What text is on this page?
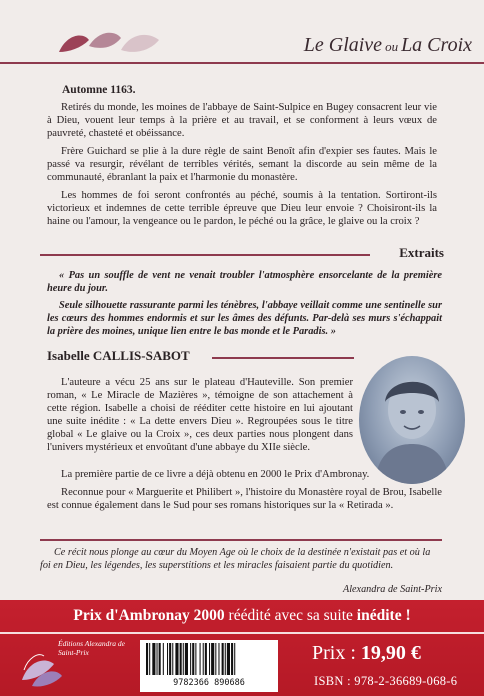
Le Glaive ou La Croix
Automne 1163.

Retirés du monde, les moines de l'abbaye de Saint-Sulpice en Bugey consacrent leur vie à Dieu, vouent leur temps à la prière et au travail, et se conforment à leurs vœux de pauvreté, chasteté et obéissance.

Frère Guichard se plie à la dure règle de saint Benoît afin d'expier ses fautes. Mais le passé va resurgir, révélant de terribles vérités, semant la discorde au sein même de la communauté, ébranlant la paix et l'harmonie du monastère.

Les hommes de foi seront confrontés au péché, soumis à la tentation. Sortiront-ils victorieux et indemnes de cette terrible épreuve que Dieu leur envoie ? Choisiront-ils la haine ou l'amour, la vengeance ou le pardon, le péché ou la grâce, le glaive ou la croix ?

Extraits

« Pas un souffle de vent ne venait troubler l'atmosphère ensorcelante de la première heure du jour.

Seule silhouette rassurante parmi les ténèbres, l'abbaye veillait comme une sentinelle sur les cœurs des hommes endormis et sur les âmes des défunts. Par-delà ses murs s'échappait la prière des moines, unique lien entre le bas monde et le Paradis. »

Isabelle CALLIS-SABOT

L'auteure a vécu 25 ans sur le plateau d'Hauteville. Son premier roman, « Le Miracle de Mazières », témoigne de son attachement à cette région. Isabelle a choisi de rééditer cette histoire en lui ajoutant une suite inédite : « La dette envers Dieu ». Regroupées sous le titre global « Le glaive ou la Croix », ces deux parties nous plongent dans l'univers mystérieux et envoûtant d'une abbaye du XIIe siècle.

La première partie de ce livre a déjà obtenu en 2000 le Prix d'Ambronay.

Reconnue pour « Marguerite et Philibert », l'histoire du Monastère royal de Brou, Isabelle est connue également dans le Sud pour ses romans historiques sur la « Retirada ».

Ce récit nous plonge au cœur du Moyen Age où le choix de la destinée n'existait pas et où la foi en Dieu, les légendes, les superstitions et les miracles faisaient partie du quotidien.

Alexandra de Saint-Prix
Prix d'Ambronay 2000 réédité avec sa suite inédite !
Éditions Alexandra de Saint-Prix
9782366 890686
Prix : 19,90 €
ISBN : 978-2-36689-068-6
